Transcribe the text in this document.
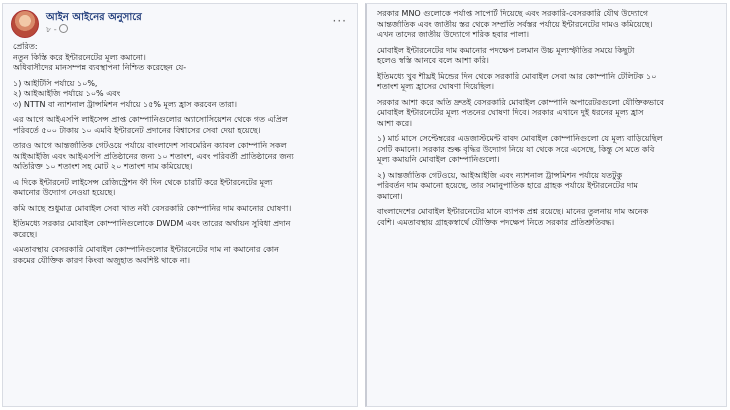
আইন আইনের অনুসারে
৮ -
···
প্রেরিত:
নতুন কিস্তি করে ইন্টারনেটের মূল্য কমানো।
অধিবাসীদের মানসম্পন্ন ব্যবস্থাপনা নিশ্চিত করেছেন যে-
১) আইটিসি পর্যায়ে ১০%,
২) আইআইজি পর্যায়ে ১০% এবং
৩) NTTN বা ন্যাশনাল ট্রান্সমিশন পর্যায়ে ১৫% মূল্য হ্রাস করবেন তারা।
এর আগে আইএসপি লাইসেন্স প্রাপ্ত কোম্পানিগুলোর অ্যাসোসিয়েশন থেকে গত এপ্রিল
পরিবর্তে ৫০০ টাকায় ১০ এমবি ইন্টারনেট প্রদানের বিশ্বাসের সেবা দেয়া হয়েছে।
তারও আগে আন্তর্জাতিক গেটওয়ে পর্যায়ে বাংলাদেশ সাবমেরিন ক্যাবল কোম্পানি সকল
আইআইজি এবং আইএসপি প্রতিষ্ঠানের জন্য ১০ শতাংশ, এবং পরিবর্তী প্রাতিষ্ঠানের জন্য
অতিরিক্ত ১০ শতাংশ সহ মোট ২০ শতাংশ দাম কমিয়েছে।
এ দিকে ইন্টারনেট লাইসেন্স রেজিস্ট্রেশন ফী দিন থেকে চারটি করে ইন্টারনেটের মূল্য
কমানোর উদ্যোগ নেওয়া হয়েছে।
কমি আছে শুধুমাত্র মোবাইল সেবা খাত নবী বেসরকারি কোম্পানির দাম কমানোর ঘোষণা।
ইতিমধ্যে সরকার মোবাইল কোম্পানিগুলোকে DWDM এবং তারের অর্থায়ন সুবিধা প্রদান
করেছে।
এমতাবস্থায় বেসরকারি মোবাইল কোম্পানিগুলোর ইন্টারনেটের দাম না কমানোর কোন
রকমের যৌক্তিক কারণ কিংবা অজুহাত অবশিষ্ট থাকে না।
সরকার MNO গুলোকে পর্যাপ্ত সাপোর্ট দিয়েছে এবং সরকারি-বেসরকারি যৌথ উদ্যোগে
আন্তর্জাতিক এবং জাতীয় স্তর থেকে সম্প্রতি সর্বস্তর পর্যায়ে ইন্টারনেটের দামও কমিয়েছে।
এখন তাদের জাতীয় উদ্যোগে শরিক হবার পালা।
মোবাইল ইন্টারনেটের দাম কমানোর পদক্ষেপ চলমান উচ্চ মূল্যস্ফীতির সময়ে কিছুটা
হলেও স্বস্তি আনবে বলে আশা করি।
ইতিমধ্যে খুব শীঘ্রই মিন্ডের দিন থেকে সরকারি মোবাইল সেবা আর কোম্পানি টেলিটক ১০
শতাংশ মূল্য হ্রাসের ঘোষণা দিয়েছিল।
সরকার আশা করে অতি দ্রুতই বেসরকারি মোবাইল কোম্পানি অপারেটরগুলো যৌক্তিকভাবে
মোবাইল ইন্টারনেটের মূল্য পতনের ঘোষণা দিবে। সরকার এখানে দুই ধরনের মূল্য হ্রাস
আশা করে।
১) মার্চ মাসে সেপ্টেম্বরের এডজাস্টমেন্ট বাবদ মোবাইল কোম্পানিগুলো যে মূল্য বাড়িয়েছিল
সেটি কমানো। সরকার শুল্ক বৃদ্ধির উদ্যোগ নিয়ে যা থেকে সরে এসেছে, কিন্তু সে মতে কবি
মূল্য কমায়নি মোবাইল কোম্পানিগুলো।
২) আন্তর্জাতিক গেটওয়ে, আইআইজি এবং ন্যাশনাল ট্রান্সমিশন পর্যায়ে যতটুকু
পরিবর্তন দাম কমানো হয়েছে, তার সমানুপাতিক হারে গ্রাহক পর্যায়ে ইন্টারনেটের দাম
কমানো।
বাংলাদেশের মোবাইল ইন্টারনেটের মানে ব্যাপক প্রশ্ন রয়েছে। মানের তুলনায় দাম অনেক
বেশি। এমতাবস্থায় গ্রাহকস্বার্থে যৌক্তিক পদক্ষেপ নিতে সরকার প্রতিশ্রুতিবদ্ধ।
